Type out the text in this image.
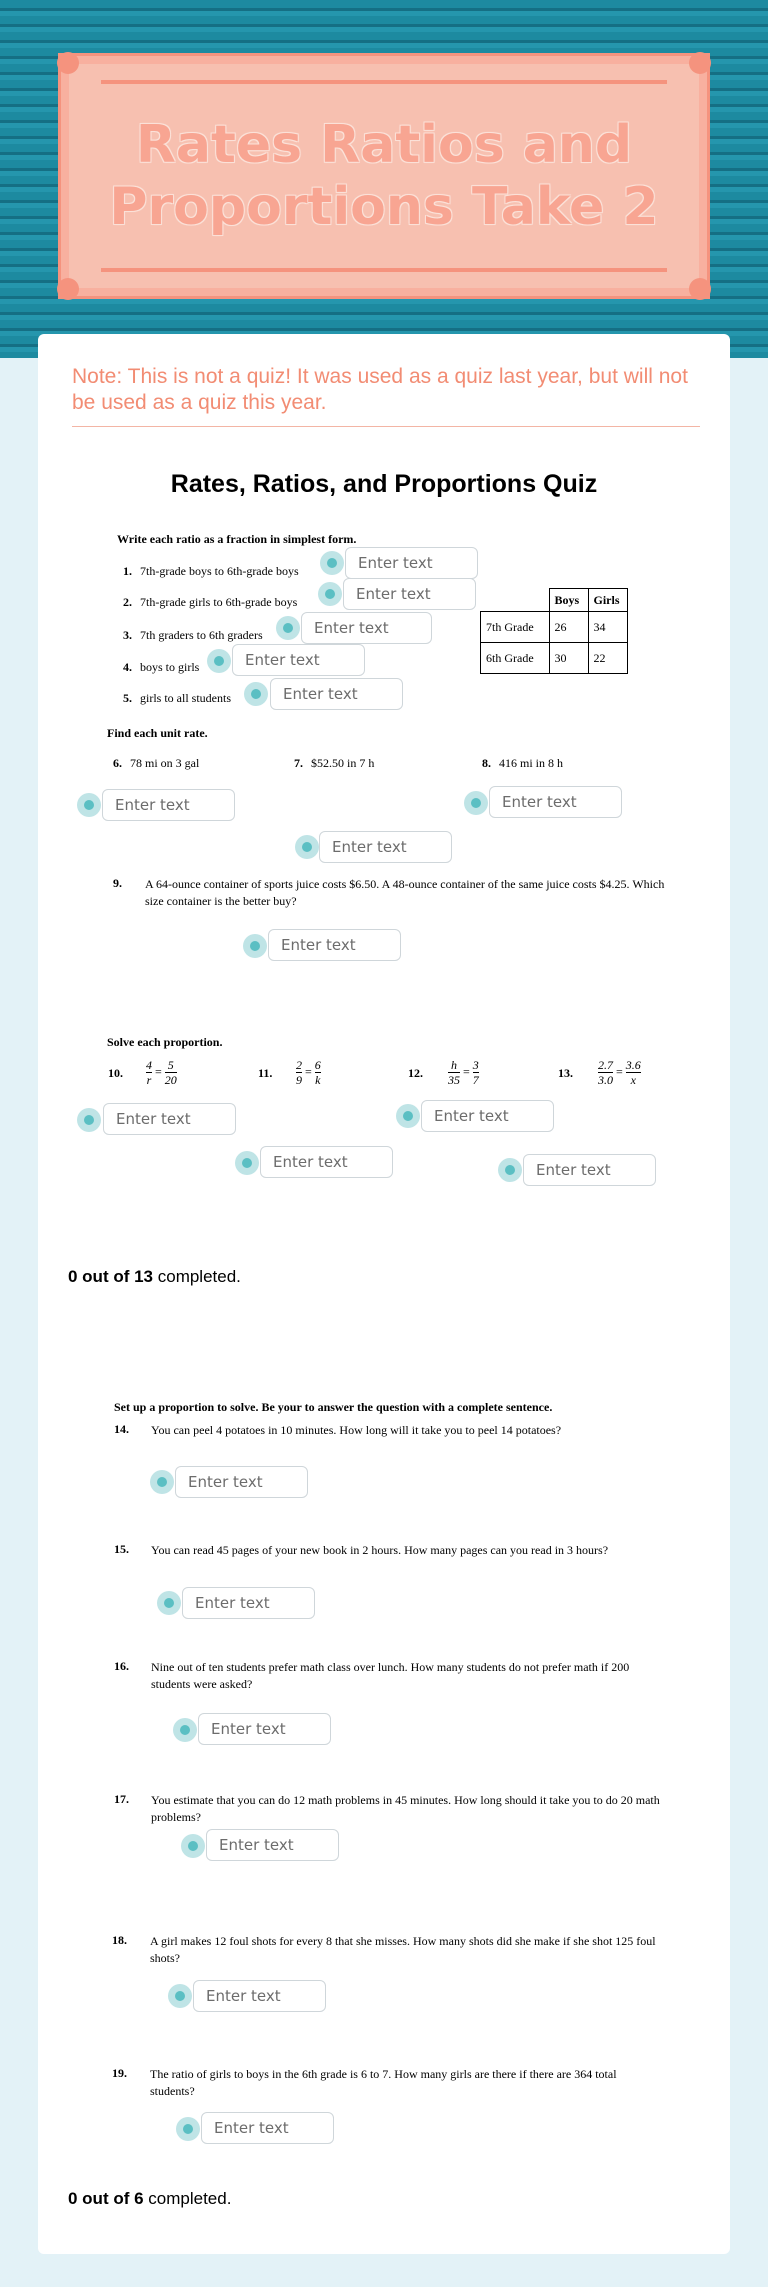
Rates Ratios and Proportions Take 2
Note: This is not a quiz! It was used as a quiz last year, but will not be used as a quiz this year.
Rates, Ratios, and Proportions Quiz
Write each ratio as a fraction in simplest form.
1. 7th-grade boys to 6th-grade boys	Enter text
2. 7th-grade girls to 6th-grade boys	Enter text
3. 7th graders to 6th graders	Enter text
4. boys to girls	Enter text
5. girls to all students	Enter text
	Boys	Girls
7th Grade	26	34
6th Grade	30	22
Find each unit rate.
6. 78 mi on 3 gal	7. $52.50 in 7 h	8. 416 mi in 8 h
Enter text	Enter text
Enter text
9. A 64-ounce container of sports juice costs $6.50. A 48-ounce container of the same juice costs $4.25. Which size container is the better buy?
Enter text
Solve each proportion.
10. $\frac{4}{r} = \frac{5}{20}$	11. $\frac{2}{9} = \frac{6}{k}$	12. $\frac{h}{35} = \frac{3}{7}$	13. $\frac{2.7}{3.0} = \frac{3.6}{x}$
Enter text	Enter text
Enter text	Enter text
0 out of 13 completed.
Set up a proportion to solve. Be your to answer the question with a complete sentence.
14. You can peel 4 potatoes in 10 minutes. How long will it take you to peel 14 potatoes?
Enter text
15. You can read 45 pages of your new book in 2 hours. How many pages can you read in 3 hours?
Enter text
16. Nine out of ten students prefer math class over lunch. How many students do not prefer math if 200 students were asked?
Enter text
17. You estimate that you can do 12 math problems in 45 minutes. How long should it take you to do 20 math problems?
Enter text
18. A girl makes 12 foul shots for every 8 that she misses. How many shots did she make if she shot 125 foul shots?
Enter text
19. The ratio of girls to boys in the 6th grade is 6 to 7. How many girls are there if there are 364 total students?
Enter text
0 out of 6 completed.
